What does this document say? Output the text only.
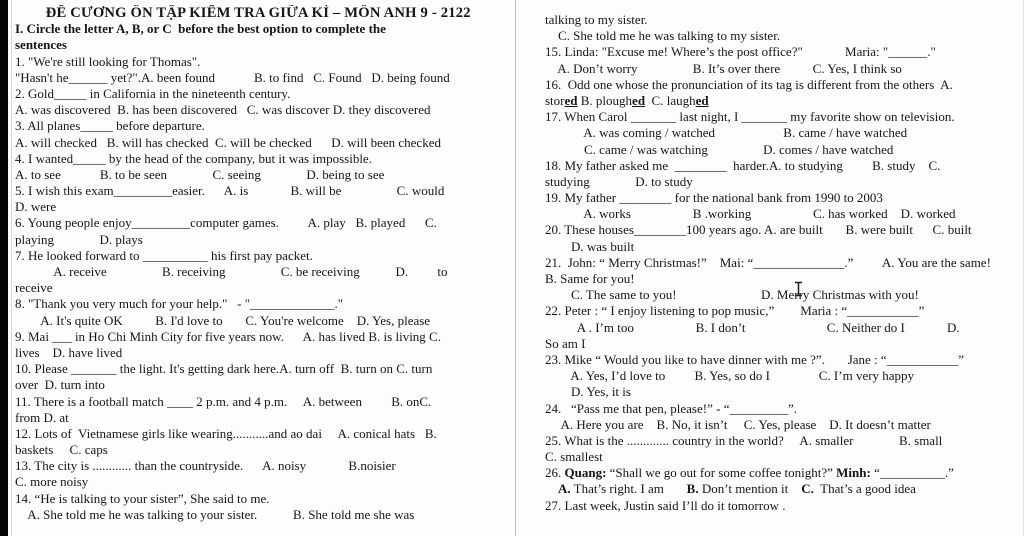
ĐỀ CƯƠNG ÔN TẬP KIỂM TRA GIỮA KÌ – MÔN ANH 9 - 2122
I. Circle the letter A, B, or C  before the best option to complete the
sentences
1. "We're still looking for Thomas".
"Hasn't he______ yet?".A. been found            B. to find   C. Found   D. being found
2. Gold_____ in California in the nineteenth century.
A. was discovered  B. has been discovered   C. was discover D. they discovered
3. All planes_____ before departure.
A. will checked   B. will has checked  C. will be checked      D. will been checked
4. I wanted_____ by the head of the company, but it was impossible.
A. to see            B. to be seen              C. seeing              D. being to see
5. I wish this exam_________easier.      A. is             B. will be                 C. would
D. were
6. Young people enjoy_________computer games.         A. play   B. played      C.
playing              D. plays
7. He looked forward to __________ his first pay packet.
A. receive                 B. receiving                 C. be receiving           D.         to
receive
8. "Thank you very much for your help."   - "_____________."
A. It's quite OK          B. I'd love to       C. You're welcome    D. Yes, please
9. Mai ___ in Ho Chi Minh City for five years now.      A. has lived B. is living C.
lives    D. have lived
10. Please _______ the light. It's getting dark here.A. turn off  B. turn on C. turn
over  D. turn into
11. There is a football match ____ 2 p.m. and 4 p.m.     A. between         B. onC.
from D. at
12. Lots of  Vietnamese girls like wearing...........and ao dai     A. conical hats   B.
baskets     C. caps
13. The city is ............ than the countryside.      A. noisy             B.noisier
C. more noisy
14. “He is talking to your sister”, She said to me.
A. She told me he was talking to your sister.           B. She told me she was
talking to my sister.
C. She told me he was talking to my sister.
15. Linda: "Excuse me! Where’s the post office?"             Maria: "______."
A. Don’t worry                 B. It’s over there          C. Yes, I think so
16.  Odd one whose the pronunciation of its tag is different from the others  A.
stored B. ploughed  C. laughed
17. When Carol _______ last night, I _______ my favorite show on television.
A. was coming / watched                     B. came / have watched
C. came / was watching                 D. comes / have watched
18. My father asked me  ________  harder.A. to studying         B. study    C.
studying              D. to study
19. My father ________ for the national bank from 1990 to 2003
A. works                   B .working                   C. has worked    D. worked
20. These houses________100 years ago. A. are built       B. were built      C. built
D. was built
21.  John: “ Merry Christmas!”    Mai: “______________.”         A. You are the same!
B. Same for you!
C. The same to you!                          D. Merry Christmas with you!
22. Peter : “ I enjoy listening to pop music,”        Maria : “___________”
A . I’m too                   B. I don’t                         C. Neither do I             D.
So am I
23. Mike “ Would you like to have dinner with me ?”.       Jane : “___________”
A. Yes, I’d love to         B. Yes, so do I               C. I’m very happy
D. Yes, it is
24.   “Pass me that pen, please!” - “_________”.
A. Here you are    B. No, it isn’t     C. Yes, please    D. It doesn’t matter
25. What is the ............. country in the world?     A. smaller              B. small
C. smallest
26. Quang: “Shall we go out for some coffee tonight?” Minh: “__________.”
A. That’s right. I am       B. Don’t mention it    C.  That’s a good idea
27. Last week, Justin said I’ll do it tomorrow .
